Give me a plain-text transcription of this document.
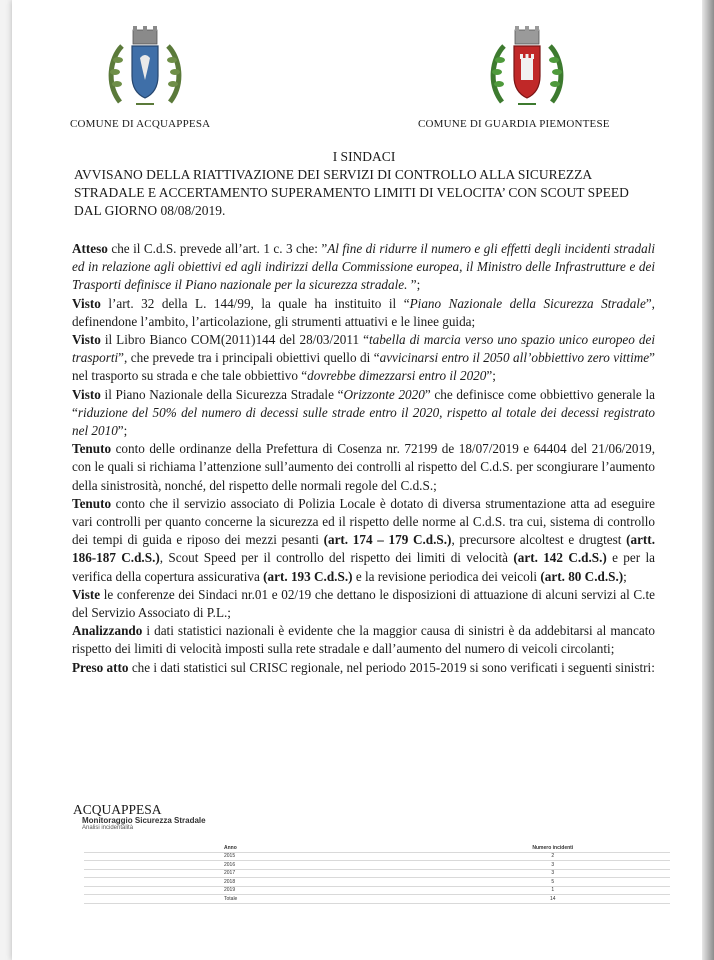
COMUNE DI ACQUAPPESA	COMUNE DI GUARDIA PIEMONTESE
I SINDACI
AVVISANO DELLA RIATTIVAZIONE DEI SERVIZI DI CONTROLLO ALLA SICUREZZA STRADALE E ACCERTAMENTO SUPERAMENTO LIMITI DI VELOCITA’ CON SCOUT SPEED DAL GIORNO 08/08/2019.

Atteso che il C.d.S. prevede all’art. 1 c. 3 che: ”Al fine di ridurre il numero e gli effetti degli incidenti stradali ed in relazione agli obiettivi ed agli indirizzi della Commissione europea, il Ministro delle Infrastrutture e dei Trasporti definisce il Piano nazionale per la sicurezza stradale. ”;

Visto l’art. 32 della L. 144/99, la quale ha instituito il “Piano Nazionale della Sicurezza Stradale”, definendone l’ambito, l’articolazione, gli strumenti attuativi e le linee guida;

Visto il Libro Bianco COM(2011)144 del 28/03/2011 “tabella di marcia verso uno spazio unico europeo dei trasporti”, che prevede tra i principali obiettivi quello di “avvicinarsi entro il 2050 all’obbiettivo zero vittime” nel trasporto su strada e che tale obbiettivo “dovrebbe dimezzarsi entro il 2020”;

Visto il Piano Nazionale della Sicurezza Stradale “Orizzonte 2020” che definisce come obbiettivo generale la “riduzione del 50% del numero di decessi sulle strade entro il 2020, rispetto al totale dei decessi registrato nel 2010”;

Tenuto conto delle ordinanze della Prefettura di Cosenza nr. 72199 de 18/07/2019 e 64404 del 21/06/2019, con le quali si richiama l’attenzione sull’aumento dei controlli al rispetto del C.d.S. per scongiurare l’aumento della sinistrosità, nonché, del rispetto delle normali regole del C.d.S.;

Tenuto conto che il servizio associato di Polizia Locale è dotato di diversa strumentazione atta ad eseguire vari controlli per quanto concerne la sicurezza ed il rispetto delle norme al C.d.S. tra cui, sistema di controllo dei tempi di guida e riposo dei mezzi pesanti (art. 174 – 179 C.d.S.), precursore alcoltest e drugtest (artt. 186-187 C.d.S.), Scout Speed per il controllo del rispetto dei limiti di velocità (art. 142 C.d.S.) e per la verifica della copertura assicurativa (art. 193 C.d.S.) e la revisione periodica dei veicoli (art. 80 C.d.S.);

Viste le conferenze dei Sindaci nr.01 e 02/19 che dettano le disposizioni di attuazione di alcuni servizi al C.te del Servizio Associato di P.L.;

Analizzando i dati statistici nazionali è evidente che la maggior causa di sinistri è da addebitarsi al mancato rispetto dei limiti di velocità imposti sulla rete stradale e dall’aumento del numero di veicoli circolanti;

Preso atto che i dati statistici sul CRISC regionale, nel periodo 2015-2019 si sono verificati i seguenti sinistri:

ACQUAPPESA
Monitoraggio Sicurezza Stradale
Analisi incidentalità
Anno	Numero incidenti
2015	2
2016	3
2017	3
2018	5
2019	1
Totale	14
